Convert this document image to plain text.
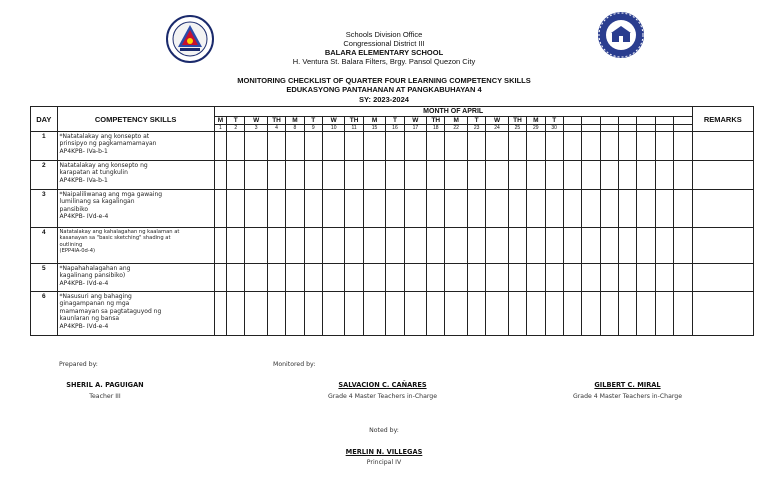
Schools Division Office
Congressional District III
BALARA ELEMENTARY SCHOOL
H. Ventura St. Balara Filters, Brgy. Pansol Quezon City
MONITORING CHECKLIST OF QUARTER FOUR LEARNING COMPETENCY SKILLS
EDUKASYONG PANTAHANAN AT PANGKABUHAYAN 4
SY: 2023-2024
DAY	COMPETENCY SKILLS	MONTH OF APRIL																									REMARKS
		M	T	W	TH	M	T	W	TH	M	T	W	TH	M	T	W	TH	M	T								
		1	2	3	4	8	9	10	11	15	16	17	18	22	23	24	25	29	30								
1	*Natatalakay ang konsepto at
prinsipyo ng pagkamamamayan
AP4KPB- IVa-b-1																										
2	Natatalakay ang konsepto ng
karapatan at tungkulin
AP4KPB- IVa-b-1																										
3	*Naipaliliwanag ang mga gawaing
lumilinang sa kagalingan
pansibiko
AP4KPB- IVd-e-4																										
4	Natatalakay ang kahalagahan ng kaalaman at
kasanayan sa "basic sketching" shading at
outlining
(EPP4IA-0d-4)																										
5	*Napahahalagahan ang
kagalinang pansibiko)
AP4KPB- IVd-e-4																										
6	*Nasusuri ang bahaging
ginagampanan ng mga
mamamayan sa pagtataguyod ng
kaunlaran ng bansa
AP4KPB- IVd-e-4																										
Prepared by:	Monitored by:
SHERIL A. PAGUIGAN
Teacher III
SALVACION C. CAÑARES
Grade 4 Master Teachers in-Charge
GILBERT C. MIRAL
Grade 4 Master Teachers in-Charge
Noted by:
MERLIN N. VILLEGAS
Principal IV
